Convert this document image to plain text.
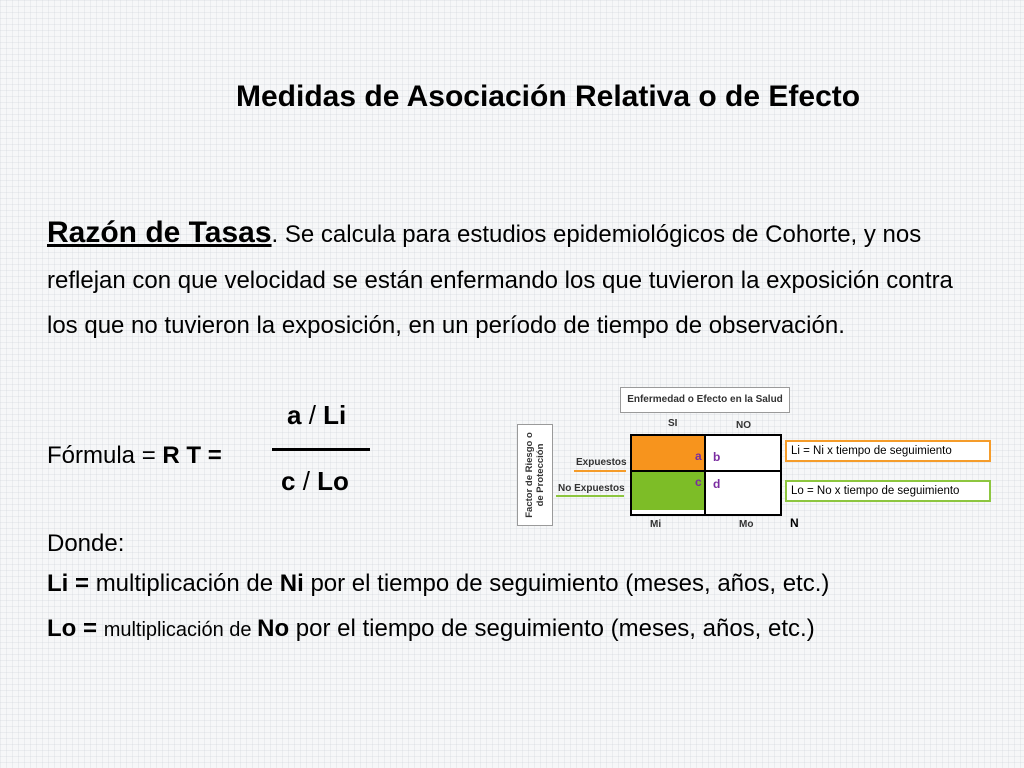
Medidas de Asociación Relativa o de Efecto
Razón de Tasas. Se calcula para estudios epidemiológicos de Cohorte, y nos reflejan con que velocidad se están enfermando los que tuvieron la exposición contra los que no tuvieron la exposición, en un período de tiempo de observación.
a / Li
c / Lo
Fórmula = R T =
Donde:
Li = multiplicación de Ni por el tiempo de seguimiento (meses, años, etc.)
Lo = multiplicación de No por el tiempo de seguimiento (meses, años, etc.)
Enfermedad o Efecto en la Salud
SI	NO
Factor de Riesgo o de Protección	Expuestos
No Expuestos
a b
c d
Mi	Mo	N
Li = Ni x tiempo de seguimiento
Lo = No x tiempo de seguimiento
